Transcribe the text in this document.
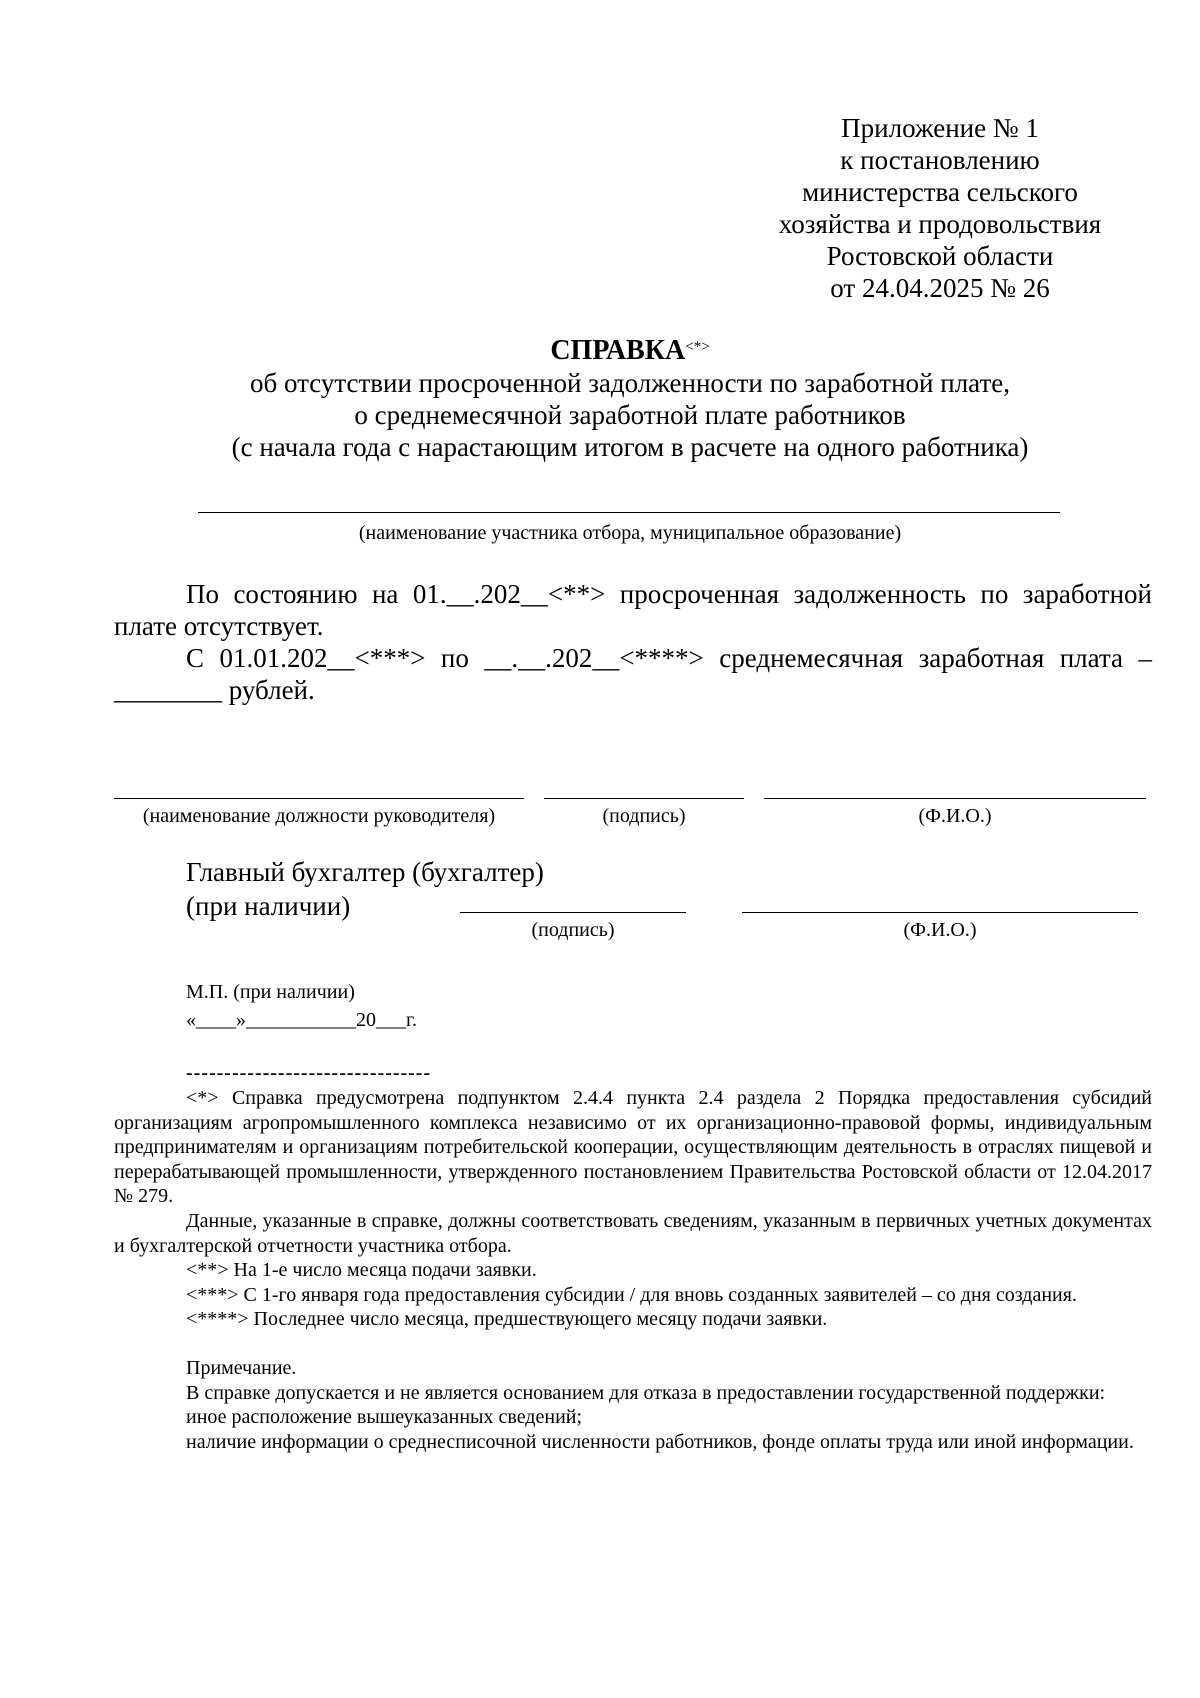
Приложение № 1
к постановлению
министерства сельского
хозяйства и продовольствия
Ростовской области
от 24.04.2025 № 26
СПРАВКА<*>
об отсутствии просроченной задолженности по заработной плате,
о среднемесячной заработной плате работников
(с начала года с нарастающим итогом в расчете на одного работника)
(наименование участника отбора, муниципальное образование)

По состоянию на 01.__.202__<**> просроченная задолженность по заработной плате отсутствует.

С 01.01.202__<***> по __.__.202__<****> среднемесячная заработная плата – ________ рублей.

(наименование должности руководителя)	(подпись)	(Ф.И.О.)
Главный бухгалтер (бухгалтер)
(при наличии)
(подпись)	(Ф.И.О.)
М.П. (при наличии)
«____»___________20___г.
--------------------------------

<*> Справка предусмотрена подпунктом 2.4.4 пункта 2.4 раздела 2 Порядка предоставления субсидий организациям агропромышленного комплекса независимо от их организационно-правовой формы, индивидуальным предпринимателям и организациям потребительской кооперации, осуществляющим деятельность в отраслях пищевой и перерабатывающей промышленности, утвержденного постановлением Правительства Ростовской области от 12.04.2017 № 279.

Данные, указанные в справке, должны соответствовать сведениям, указанным в первичных учетных документах и бухгалтерской отчетности участника отбора.

<**> На 1-е число месяца подачи заявки.

<***> С 1-го января года предоставления субсидии / для вновь созданных заявителей – со дня создания.

<****> Последнее число месяца, предшествующего месяцу подачи заявки.

Примечание.

В справке допускается и не является основанием для отказа в предоставлении государственной поддержки:

иное расположение вышеуказанных сведений;

наличие информации о среднесписочной численности работников, фонде оплаты труда или иной информации.
